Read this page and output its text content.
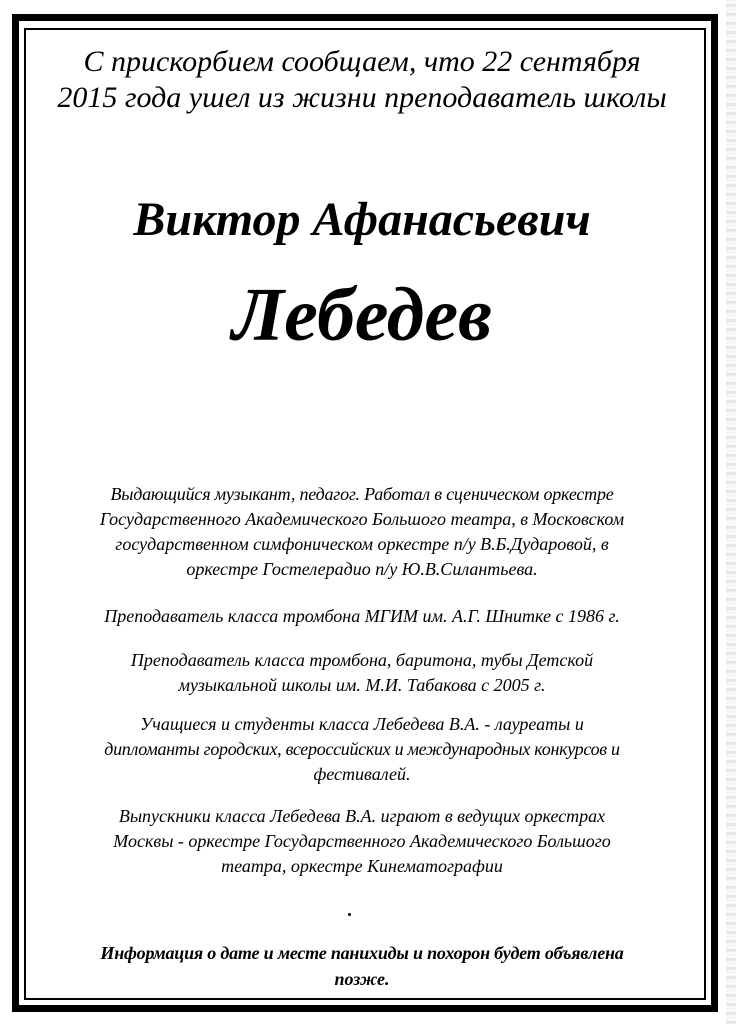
С прискорбием сообщаем, что 22 сентября
2015 года ушел из жизни преподаватель школы
Виктор Афанасьевич
Лебедев
Выдающийся музыкант, педагог. Работал в сценическом оркестре
Государственного Академического Большого театра, в Московском
государственном симфоническом оркестре п/у В.Б.Дударовой, в
оркестре Гостелерадио п/у Ю.В.Силантьева.
Преподаватель класса тромбона МГИМ им. А.Г. Шнитке с 1986 г.
Преподаватель класса тромбона, баритона, тубы Детской
музыкальной школы им. М.И. Табакова с 2005 г.
Учащиеся и студенты класса Лебедева В.А. - лауреаты и
дипломанты городских, всероссийских и международных конкурсов и
фестивалей.
Выпускники класса Лебедева В.А. играют в ведущих оркестрах
Москвы - оркестре Государственного Академического Большого
театра, оркестре Кинематографии
Информация о дате и месте панихиды и похорон будет объявлена
позже.
